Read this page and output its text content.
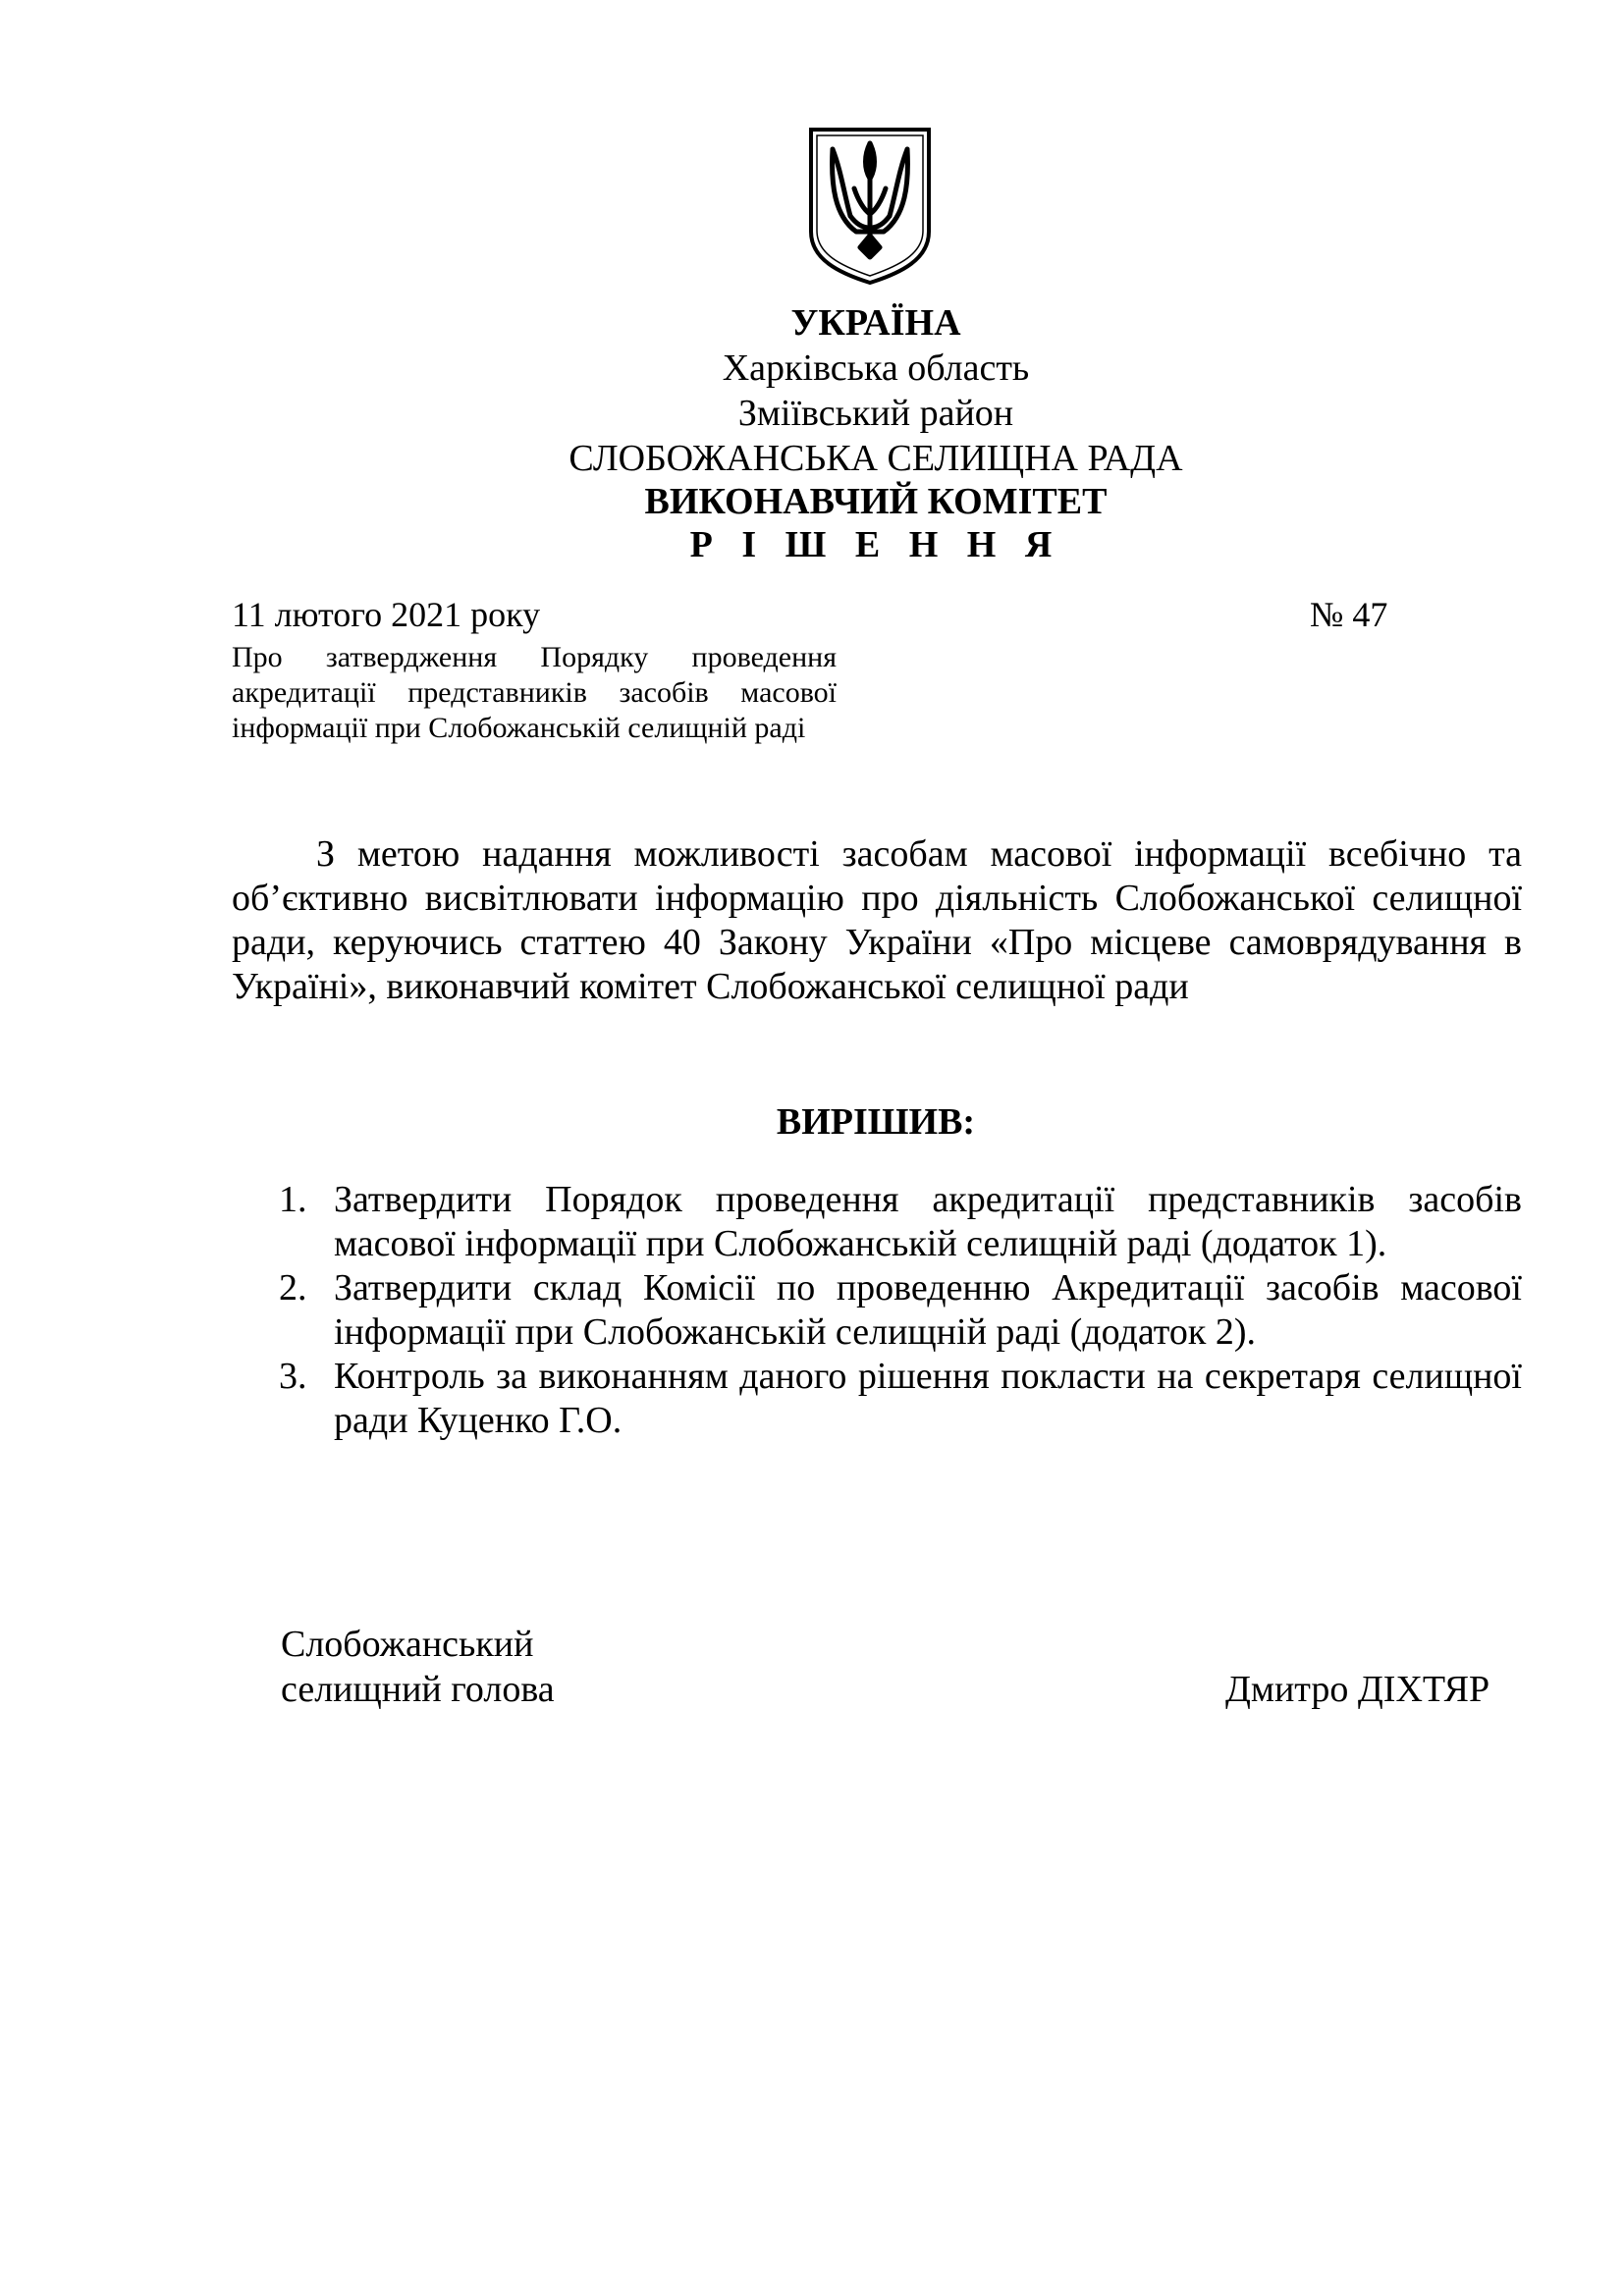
УКРАЇНА
Харківська область
Зміївський район
СЛОБОЖАНСЬКА СЕЛИЩНА РАДА
ВИКОНАВЧИЙ КОМІТЕТ
Р І Ш Е Н Н Я
11 лютого 2021 року	№ 47
Про затвердження Порядку проведення акредитації представників засобів масової інформації при Слобожанській селищній раді
З метою надання можливості засобам масової інформації всебічно та об’єктивно висвітлювати інформацію про діяльність Слобожанської селищної ради, керуючись статтею 40 Закону України «Про місцеве самоврядування в Україні», виконавчий комітет Слобожанської селищної ради
ВИРІШИВ:
1. Затвердити Порядок проведення акредитації представників засобів масової інформації при Слобожанській селищній раді (додаток 1).
2. Затвердити склад Комісії по проведенню Акредитації засобів масової інформації при Слобожанській селищній раді (додаток 2).
3. Контроль за виконанням даного рішення покласти на секретаря селищної ради Куценко Г.О.
Слобожанський
селищний голова	Дмитро ДІХТЯР
